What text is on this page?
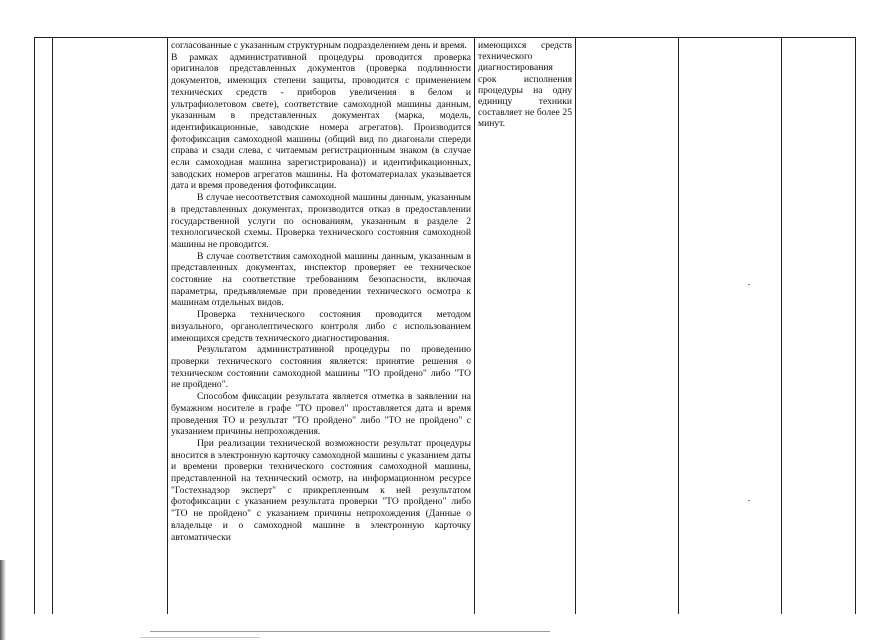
согласованные с указанным структурным подразделением день и время.

В рамках административной процедуры проводится проверка оригиналов представленных документов (проверка подлинности документов, имеющих степени защиты, проводится с применением технических средств - приборов увеличения в белом и ультрафиолетовом свете), соответствие самоходной машины данным, указанным в представленных документах (марка, модель, идентификационные, заводские номера агрегатов). Производится фотофиксация самоходной машины (общий вид по диагонали спереди справа и сзади слева, с читаемым регистрационным знаком (в случае если самоходная машина зарегистрирована)) и идентификационных, заводских номеров агрегатов машины. На фотоматериалах указывается дата и время проведения фотофиксации.

В случае несоответствия самоходной машины данным, указанным в представленных документах, производится отказ в предоставлении государственной услуги по основаниям, указанным в разделе 2 технологической схемы. Проверка технического состояния самоходной машины не проводится.

В случае соответствия самоходной машины данным, указанным в представленных документах, инспектор проверяет ее техническое состояние на соответствие требованиям безопасности, включая параметры, предъявляемые при проведении технического осмотра к машинам отдельных видов.

Проверка технического состояния проводится методом визуального, органолептического контроля либо с использованием имеющихся средств технического диагностирования.

Результатом административной процедуры по проведению проверки технического состояния является: принятие решения о техническом состоянии самоходной машины "ТО пройдено" либо "ТО не пройдено".

Способом фиксации результата является отметка в заявлении на бумажном носителе в графе "ТО провел" проставляется дата и время проведения ТО и результат "ТО пройдено" либо "ТО не пройдено" с указанием причины непрохождения.

При реализации технической возможности результат процедуры вносится в электронную карточку самоходной машины с указанием даты и времени проверки технического состояния самоходной машины, представленной на технический осмотр, на информационном ресурсе "Гостехнадзор эксперт" с прикрепленным к ней результатом фотофиксации с указанием результата проверки "ТО пройдено" либо "ТО не пройдено" с указанием причины непрохождения (Данные о владельце и о самоходной машине в электронную карточку автоматически

имеющихся средств технического диагностирования срок исполнения процедуры на одну единицу техники составляет не более 25 минут.
